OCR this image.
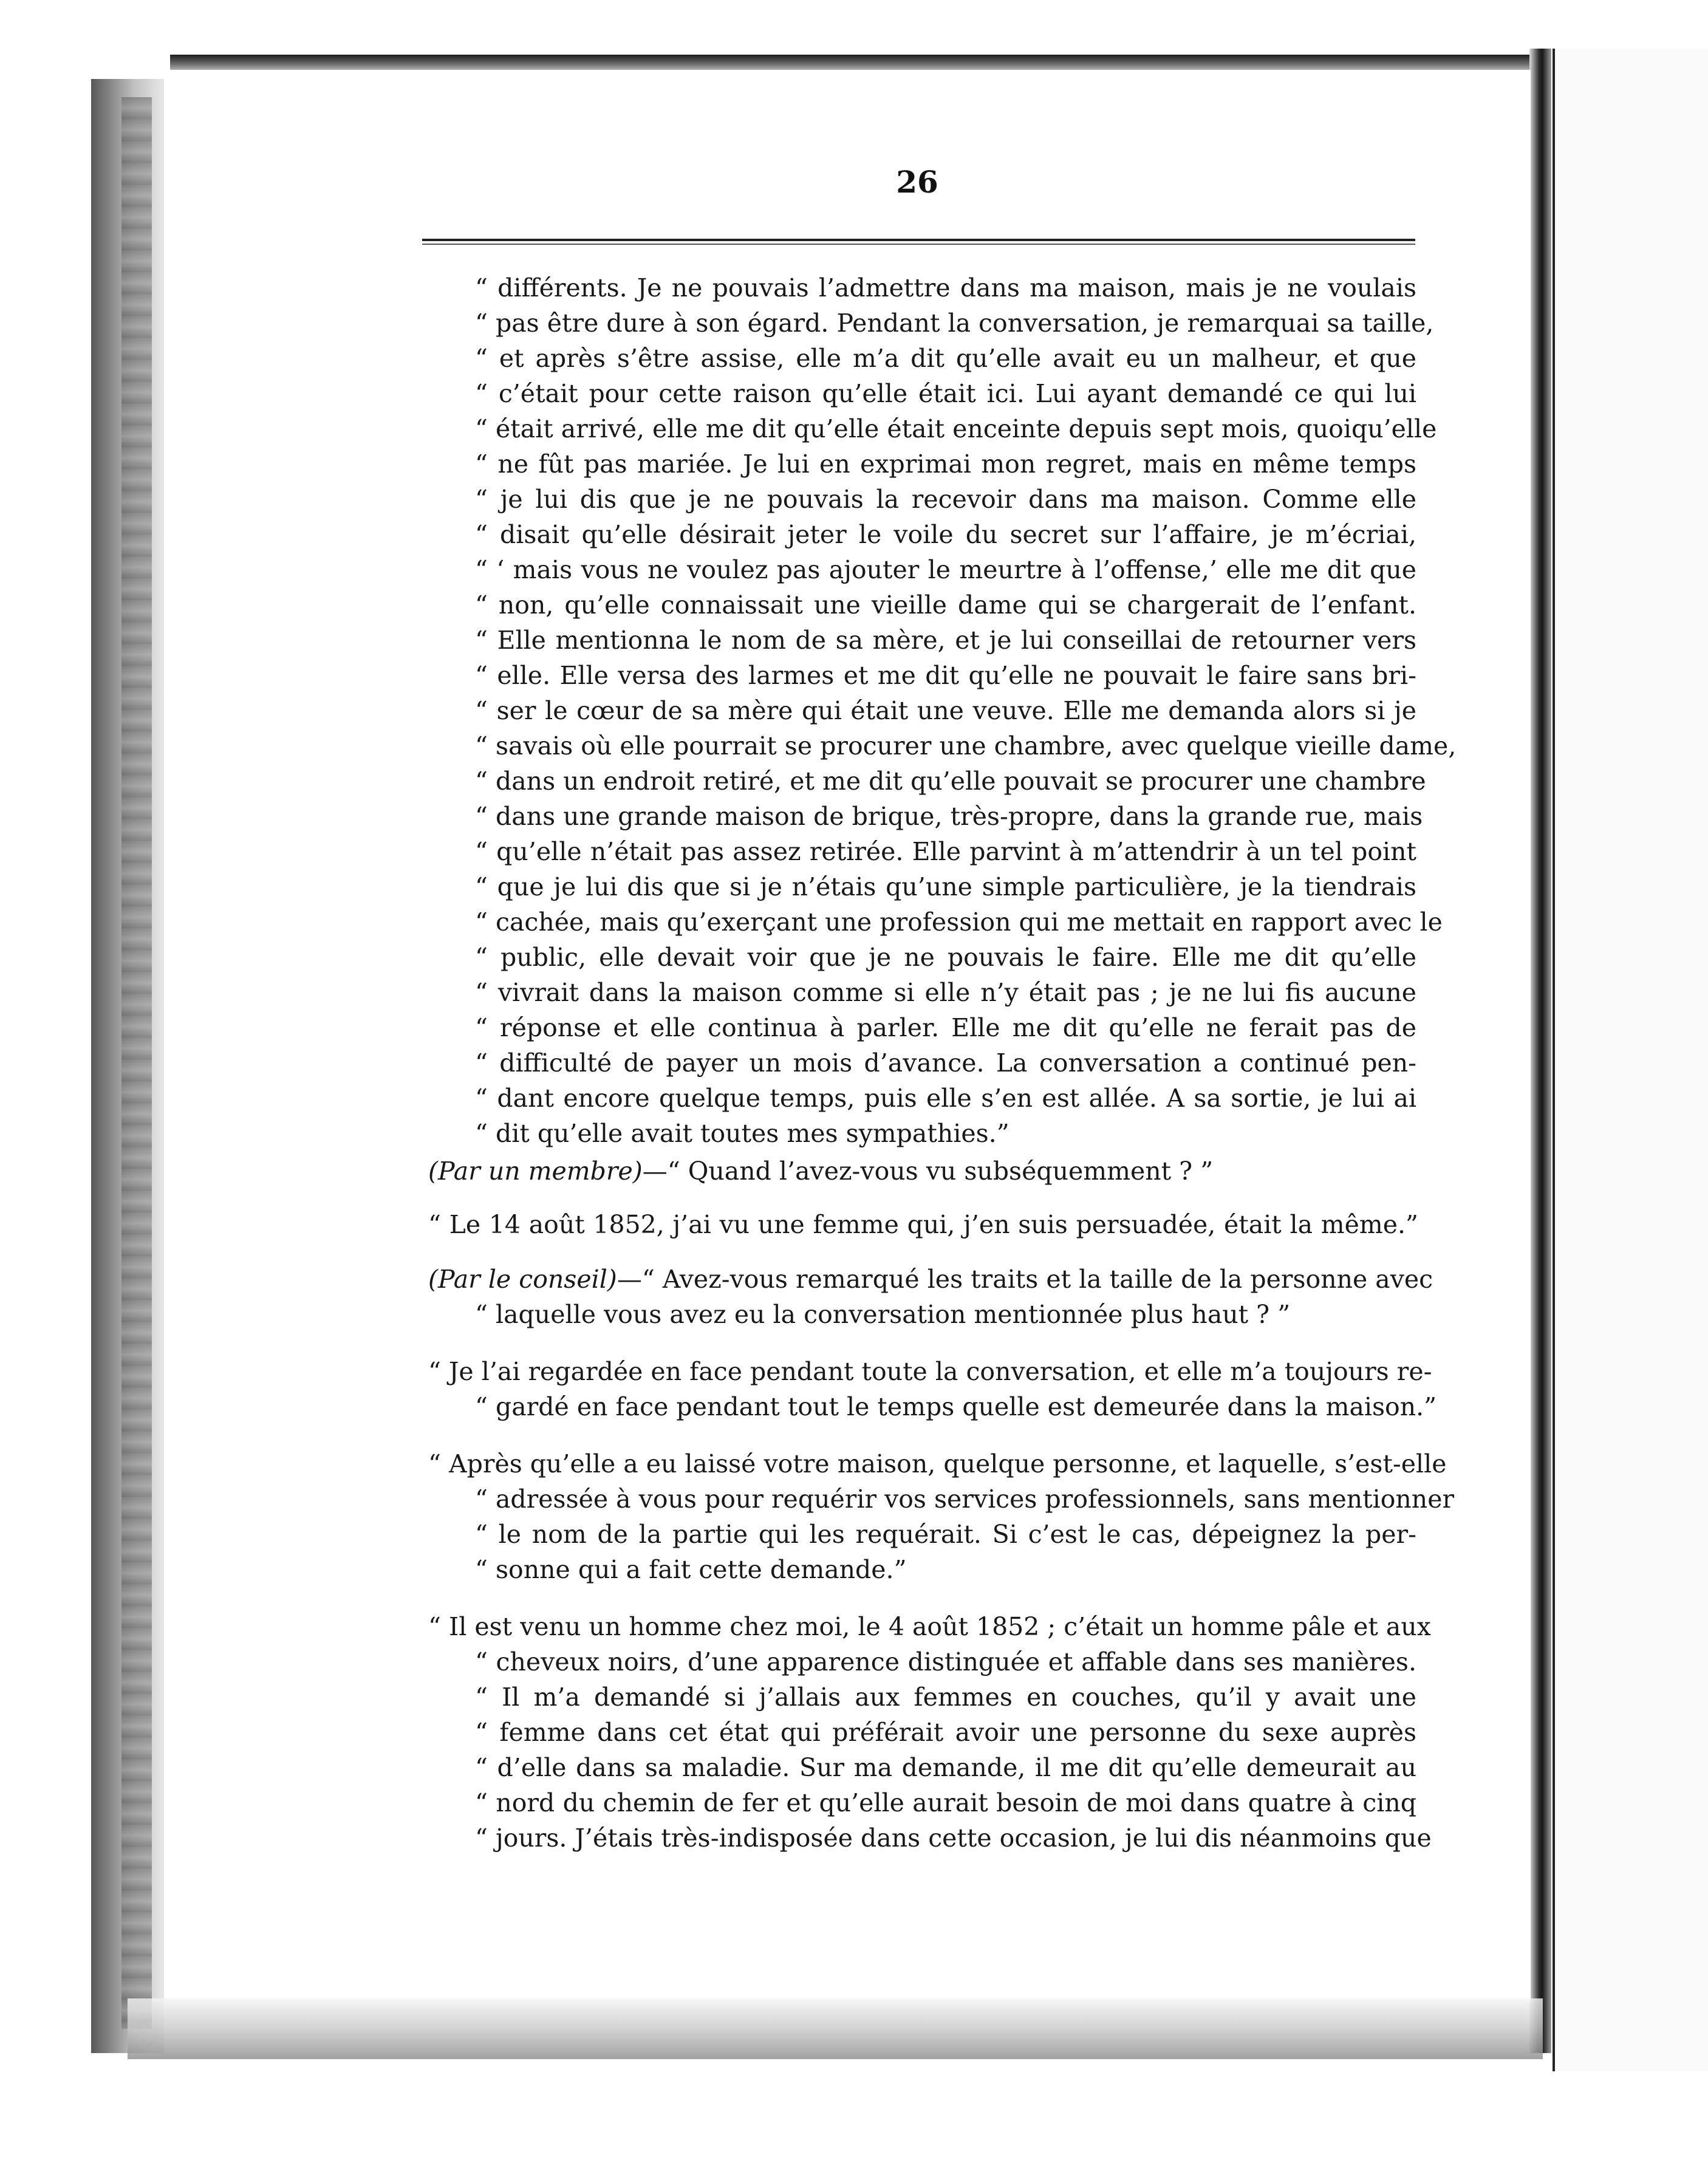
26
“ différents. Je ne pouvais l’admettre dans ma maison, mais je ne voulais
“ pas être dure à son égard. Pendant la conversation, je remarquai sa taille,
“ et après s’être assise, elle m’a dit qu’elle avait eu un malheur, et que
“ c’était pour cette raison qu’elle était ici. Lui ayant demandé ce qui lui
“ était arrivé, elle me dit qu’elle était enceinte depuis sept mois, quoiqu’elle
“ ne fût pas mariée. Je lui en exprimai mon regret, mais en même temps
“ je lui dis que je ne pouvais la recevoir dans ma maison. Comme elle
“ disait qu’elle désirait jeter le voile du secret sur l’affaire, je m’écriai,
“ ‘ mais vous ne voulez pas ajouter le meurtre à l’offense,’ elle me dit que
“ non, qu’elle connaissait une vieille dame qui se chargerait de l’enfant.
“ Elle mentionna le nom de sa mère, et je lui conseillai de retourner vers
“ elle. Elle versa des larmes et me dit qu’elle ne pouvait le faire sans bri-
“ ser le cœur de sa mère qui était une veuve. Elle me demanda alors si je
“ savais où elle pourrait se procurer une chambre, avec quelque vieille dame,
“ dans un endroit retiré, et me dit qu’elle pouvait se procurer une chambre
“ dans une grande maison de brique, très-propre, dans la grande rue, mais
“ qu’elle n’était pas assez retirée. Elle parvint à m’attendrir à un tel point
“ que je lui dis que si je n’étais qu’une simple particulière, je la tiendrais
“ cachée, mais qu’exerçant une profession qui me mettait en rapport avec le
“ public, elle devait voir que je ne pouvais le faire. Elle me dit qu’elle
“ vivrait dans la maison comme si elle n’y était pas ; je ne lui fis aucune
“ réponse et elle continua à parler. Elle me dit qu’elle ne ferait pas de
“ difficulté de payer un mois d’avance. La conversation a continué pen-
“ dant encore quelque temps, puis elle s’en est allée. A sa sortie, je lui ai
“ dit qu’elle avait toutes mes sympathies.”
(Par un membre)—“ Quand l’avez-vous vu subséquemment ? ”
“ Le 14 août 1852, j’ai vu une femme qui, j’en suis persuadée, était la même.”
(Par le conseil)—“ Avez-vous remarqué les traits et la taille de la personne avec
“ laquelle vous avez eu la conversation mentionnée plus haut ? ”
“ Je l’ai regardée en face pendant toute la conversation, et elle m’a toujours re-
“ gardé en face pendant tout le temps quelle est demeurée dans la maison.”
“ Après qu’elle a eu laissé votre maison, quelque personne, et laquelle, s’est-elle
“ adressée à vous pour requérir vos services professionnels, sans mentionner
“ le nom de la partie qui les requérait. Si c’est le cas, dépeignez la per-
“ sonne qui a fait cette demande.”
“ Il est venu un homme chez moi, le 4 août 1852 ; c’était un homme pâle et aux
“ cheveux noirs, d’une apparence distinguée et affable dans ses manières.
“ Il m’a demandé si j’allais aux femmes en couches, qu’il y avait une
“ femme dans cet état qui préférait avoir une personne du sexe auprès
“ d’elle dans sa maladie. Sur ma demande, il me dit qu’elle demeurait au
“ nord du chemin de fer et qu’elle aurait besoin de moi dans quatre à cinq
“ jours. J’étais très-indisposée dans cette occasion, je lui dis néanmoins que
